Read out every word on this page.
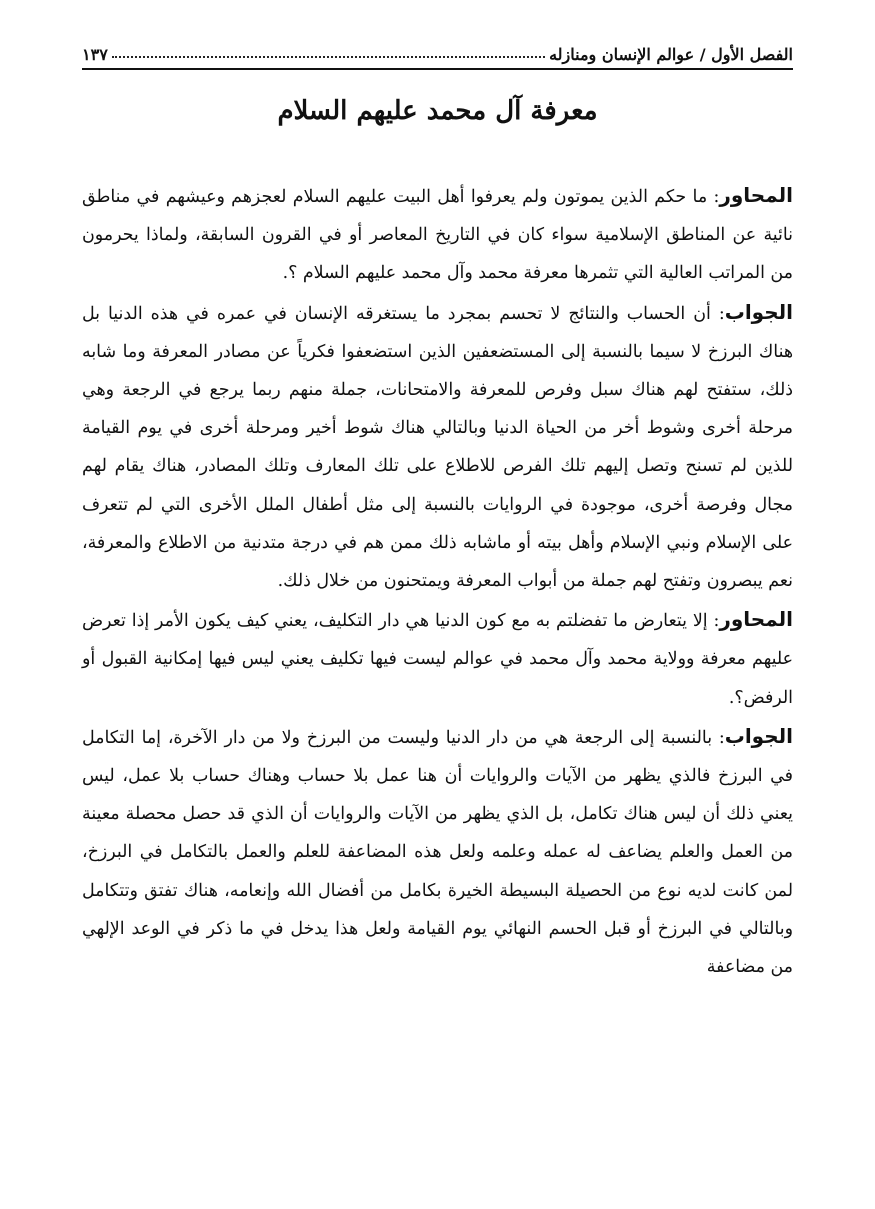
الفصل الأول / عوالم الإنسان ومنازله
١٣٧
معرفة آل محمد عليهم السلام

المحاور: ما حكم الذين يموتون ولم يعرفوا أهل البيت عليهم السلام لعجزهم وعيشهم في مناطق نائية عن المناطق الإسلامية سواء كان في التاريخ المعاصر أو في القرون السابقة، ولماذا يحرمون من المراتب العالية التي تثمرها معرفة محمد وآل محمد عليهم السلام ؟.

الجواب: أن الحساب والنتائج لا تحسم بمجرد ما يستغرقه الإنسان في عمره في هذه الدنيا بل هناك البرزخ لا سيما بالنسبة إلى المستضعفين الذين استضعفوا فكرياً عن مصادر المعرفة وما شابه ذلك، ستفتح لهم هناك سبل وفرص للمعرفة والامتحانات، جملة منهم ربما يرجع في الرجعة وهي مرحلة أخرى وشوط أخر من الحياة الدنيا وبالتالي هناك شوط أخير ومرحلة أخرى في يوم القيامة للذين لم تسنح وتصل إليهم تلك الفرص للاطلاع على تلك المعارف وتلك المصادر، هناك يقام لهم مجال وفرصة أخرى، موجودة في الروايات بالنسبة إلى مثل أطفال الملل الأخرى التي لم تتعرف على الإسلام ونبي الإسلام وأهل بيته أو ماشابه ذلك ممن هم في درجة متدنية من الاطلاع والمعرفة، نعم يبصرون وتفتح لهم جملة من أبواب المعرفة ويمتحنون من خلال ذلك.

المحاور: إلا يتعارض ما تفضلتم به مع كون الدنيا هي دار التكليف، يعني كيف يكون الأمر إذا تعرض عليهم معرفة وولاية محمد وآل محمد في عوالم ليست فيها تكليف يعني ليس فيها إمكانية القبول أو الرفض؟.

الجواب: بالنسبة إلى الرجعة هي من دار الدنيا وليست من البرزخ ولا من دار الآخرة، إما التكامل في البرزخ فالذي يظهر من الآيات والروايات أن هنا عمل بلا حساب وهناك حساب بلا عمل، ليس يعني ذلك أن ليس هناك تكامل، بل الذي يظهر من الآيات والروايات أن الذي قد حصل محصلة معينة من العمل والعلم يضاعف له عمله وعلمه ولعل هذه المضاعفة للعلم والعمل بالتكامل في البرزخ، لمن كانت لديه نوع من الحصيلة البسيطة الخيرة بكامل من أفضال الله وإنعامه، هناك تفتق وتتكامل وبالتالي في البرزخ أو قبل الحسم النهائي يوم القيامة ولعل هذا يدخل في ما ذكر في الوعد الإلهي من مضاعفة
